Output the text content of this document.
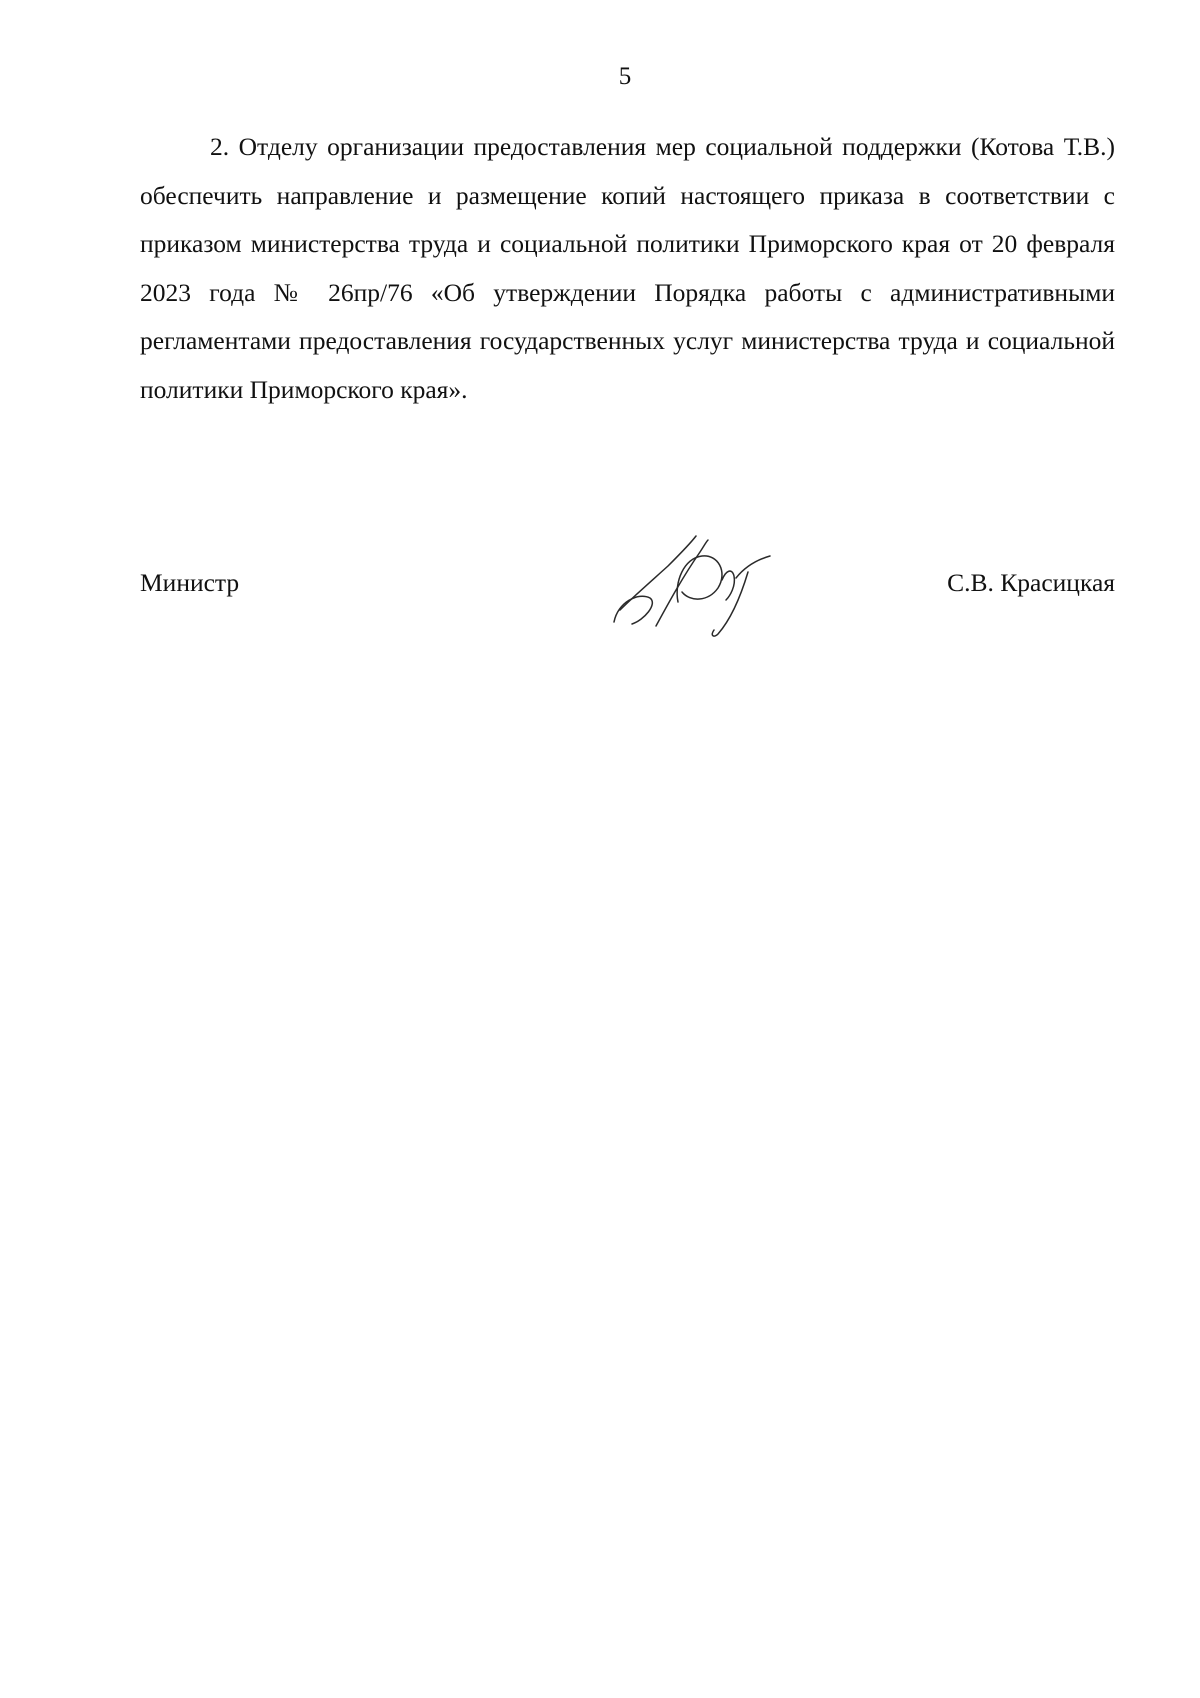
5

2. Отделу организации предоставления мер социальной поддержки (Котова Т.В.) обеспечить направление и размещение копий настоящего приказа в соответствии с приказом министерства труда и социальной политики Приморского края от 20 февраля 2023 года № 26пр/76 «Об утверждении Порядка работы с административными регламентами предоставления государственных услуг министерства труда и социальной политики Приморского края».

Министр	С.В. Красицкая
